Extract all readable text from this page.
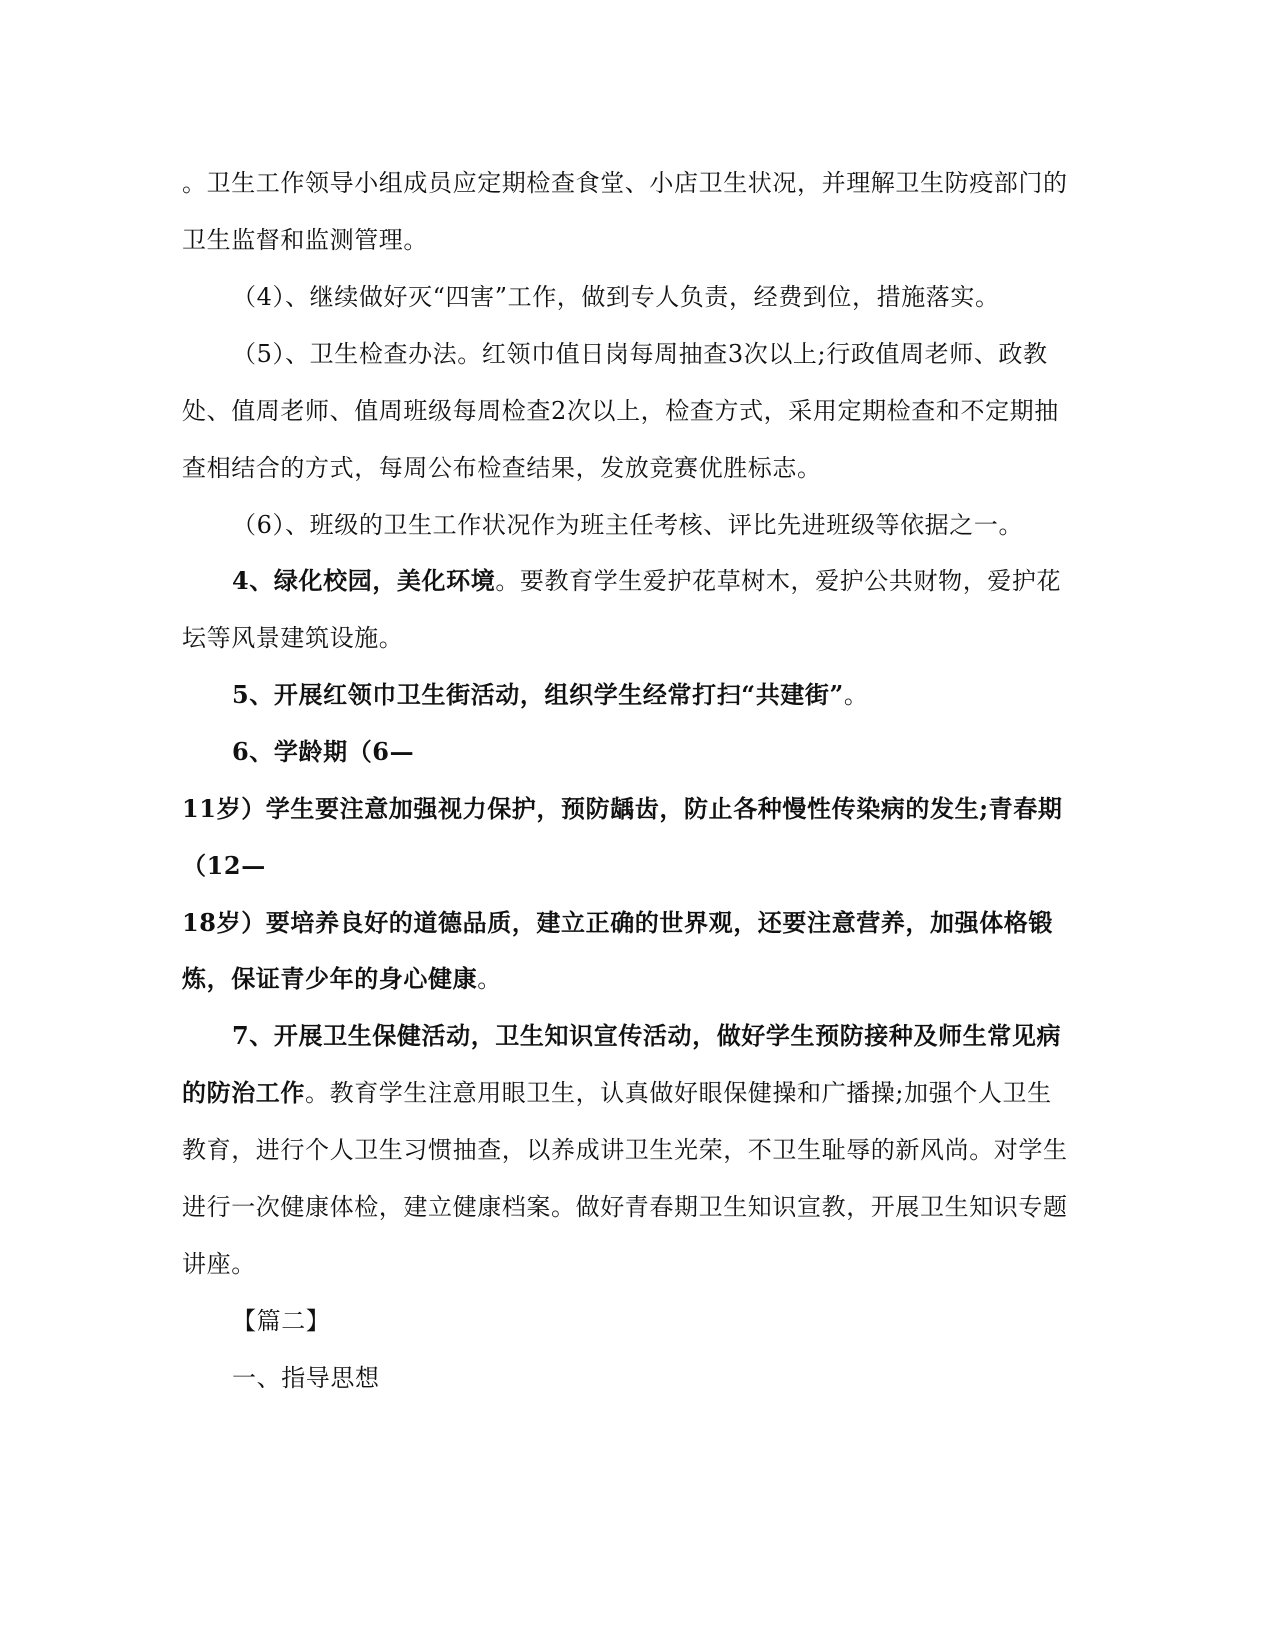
。卫生工作领导小组成员应定期检查食堂、小店卫生状况，并理解卫生防疫部门的
卫生监督和监测管理。
（4）、继续做好灭“四害”工作，做到专人负责，经费到位，措施落实。
（5）、卫生检查办法。红领巾值日岗每周抽查3次以上;行政值周老师、政教
处、值周老师、值周班级每周检查2次以上，检查方式，采用定期检查和不定期抽
查相结合的方式，每周公布检查结果，发放竞赛优胜标志。
（6）、班级的卫生工作状况作为班主任考核、评比先进班级等依据之一。
4、绿化校园，美化环境。要教育学生爱护花草树木，爱护公共财物，爱护花
坛等风景建筑设施。
5、开展红领巾卫生街活动，组织学生经常打扫“共建街”。
6、学龄期（6—
11岁）学生要注意加强视力保护，预防龋齿，防止各种慢性传染病的发生;青春期
（12—
18岁）要培养良好的道德品质，建立正确的世界观，还要注意营养，加强体格锻
炼，保证青少年的身心健康。
7、开展卫生保健活动，卫生知识宣传活动，做好学生预防接种及师生常见病
的防治工作。教育学生注意用眼卫生，认真做好眼保健操和广播操;加强个人卫生
教育，进行个人卫生习惯抽查，以养成讲卫生光荣，不卫生耻辱的新风尚。对学生
进行一次健康体检，建立健康档案。做好青春期卫生知识宣教，开展卫生知识专题
讲座。
【篇二】
一、指导思想
